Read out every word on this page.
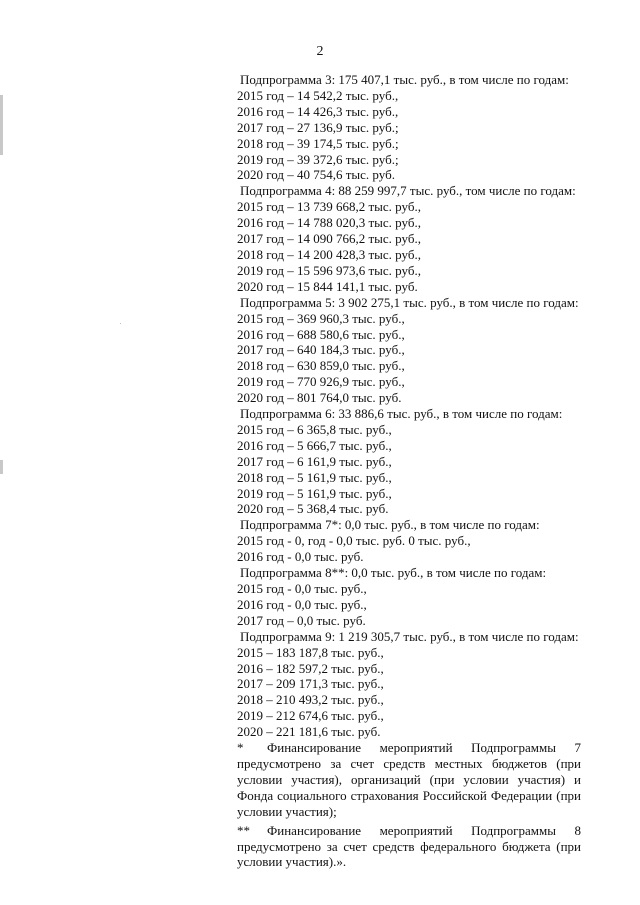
2
Подпрограмма 3: 175 407,1 тыс. руб., в том числе по годам:
2015 год – 14 542,2 тыс. руб.,
2016 год – 14 426,3 тыс. руб.,
2017 год – 27 136,9 тыс. руб.;
2018 год – 39 174,5 тыс. руб.;
2019 год – 39 372,6 тыс. руб.;
2020 год – 40 754,6 тыс. руб.
Подпрограмма 4: 88 259 997,7 тыс. руб., том числе по годам:
2015 год – 13 739 668,2 тыс. руб.,
2016 год – 14 788 020,3 тыс. руб.,
2017 год – 14 090 766,2 тыс. руб.,
2018 год – 14 200 428,3 тыс. руб.,
2019 год – 15 596 973,6 тыс. руб.,
2020 год – 15 844 141,1 тыс. руб.
Подпрограмма 5: 3 902 275,1 тыс. руб., в том числе по годам:
2015 год – 369 960,3 тыс. руб.,
2016 год – 688 580,6 тыс. руб.,
2017 год – 640 184,3 тыс. руб.,
2018 год – 630 859,0 тыс. руб.,
2019 год – 770 926,9 тыс. руб.,
2020 год – 801 764,0 тыс. руб.
Подпрограмма 6: 33 886,6 тыс. руб., в том числе по годам:
2015 год – 6 365,8 тыс. руб.,
2016 год – 5 666,7 тыс. руб.,
2017 год – 6 161,9 тыс. руб.,
2018 год – 5 161,9 тыс. руб.,
2019 год – 5 161,9 тыс. руб.,
2020 год – 5 368,4 тыс. руб.
Подпрограмма 7*: 0,0 тыс. руб., в том числе по годам:
2015 год - 0, год - 0,0 тыс. руб. 0 тыс. руб.,
2016 год - 0,0 тыс. руб.
Подпрограмма 8**: 0,0 тыс. руб., в том числе по годам:
2015 год - 0,0 тыс. руб.,
2016 год - 0,0 тыс. руб.,
2017 год – 0,0 тыс. руб.
Подпрограмма 9: 1 219 305,7 тыс. руб., в том числе по годам:
2015 – 183 187,8 тыс. руб.,
2016 – 182 597,2 тыс. руб.,
2017 – 209 171,3 тыс. руб.,
2018 – 210 493,2 тыс. руб.,
2019 – 212 674,6 тыс. руб.,
2020 – 221 181,6 тыс. руб.

* Финансирование мероприятий Подпрограммы 7 предусмотрено за счет средств местных бюджетов (при условии участия), организаций (при условии участия) и Фонда социального страхования Российской Федерации (при условии участия);

** Финансирование мероприятий Подпрограммы 8 предусмотрено за счет средств федерального бюджета (при условии участия).».
